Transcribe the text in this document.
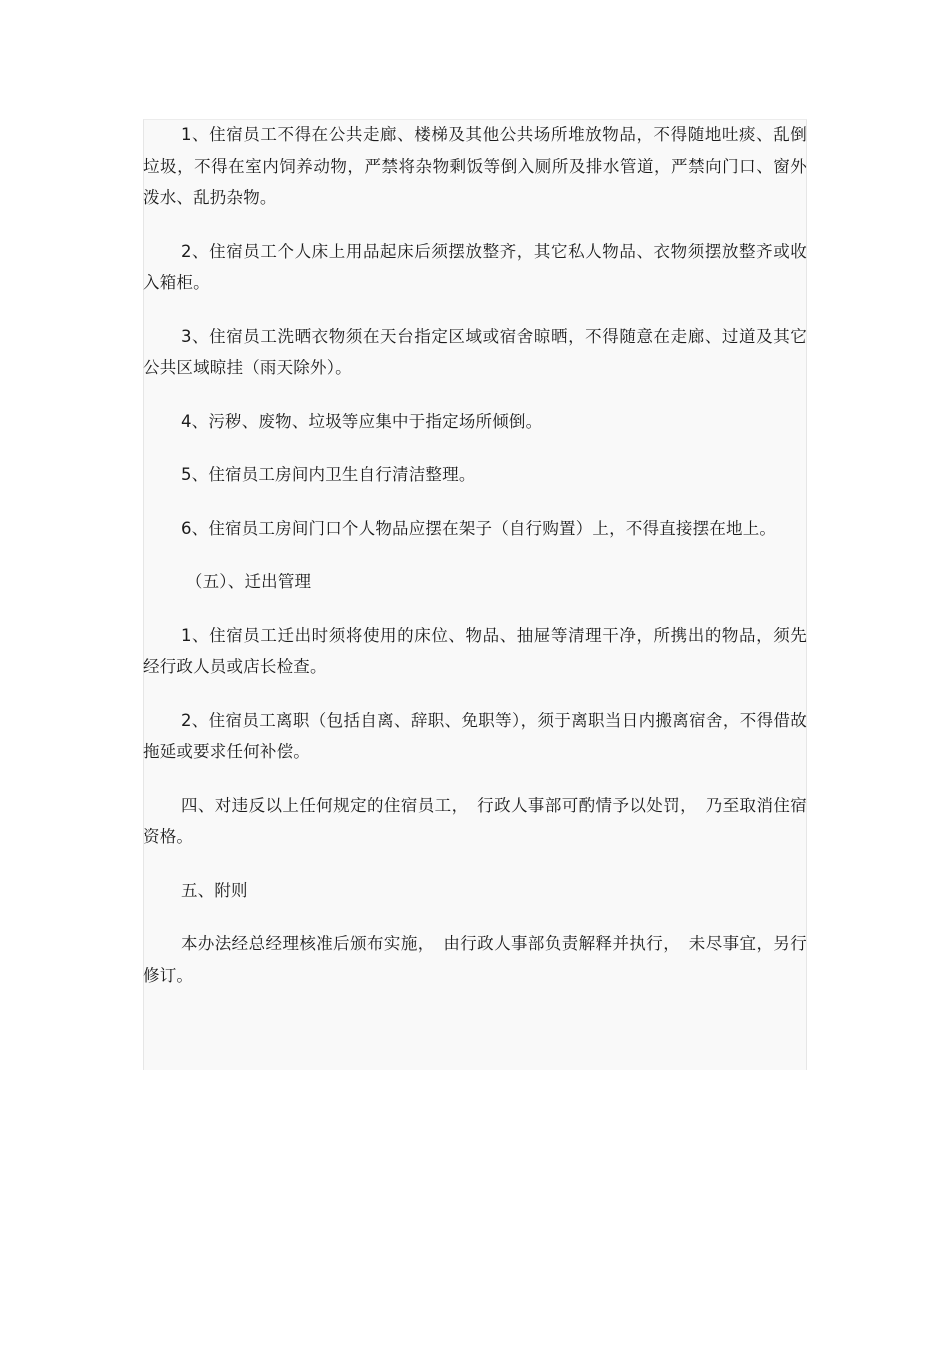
1、住宿员工不得在公共走廊、楼梯及其他公共场所堆放物品，不得随地吐痰、乱倒垃圾，不得在室内饲养动物，严禁将杂物剩饭等倒入厕所及排水管道，严禁向门口、窗外泼水、乱扔杂物。

2、住宿员工个人床上用品起床后须摆放整齐，其它私人物品、衣物须摆放整齐或收入箱柜。

3、住宿员工洗晒衣物须在天台指定区域或宿舍晾晒，不得随意在走廊、过道及其它公共区域晾挂（雨天除外）。

4、污秽、废物、垃圾等应集中于指定场所倾倒。

5、住宿员工房间内卫生自行清洁整理。

6、住宿员工房间门口个人物品应摆在架子（自行购置）上，不得直接摆在地上。

（五）、迁出管理

1、住宿员工迁出时须将使用的床位、物品、抽屉等清理干净，所携出的物品，须先经行政人员或店长检查。

2、住宿员工离职（包括自离、辞职、免职等），须于离职当日内搬离宿舍，不得借故拖延或要求任何补偿。

四、对违反以上任何规定的住宿员工，　行政人事部可酌情予以处罚，　乃至取消住宿资格。

五、附则

本办法经总经理核准后颁布实施，　由行政人事部负责解释并执行，　未尽事宜，另行修订。
